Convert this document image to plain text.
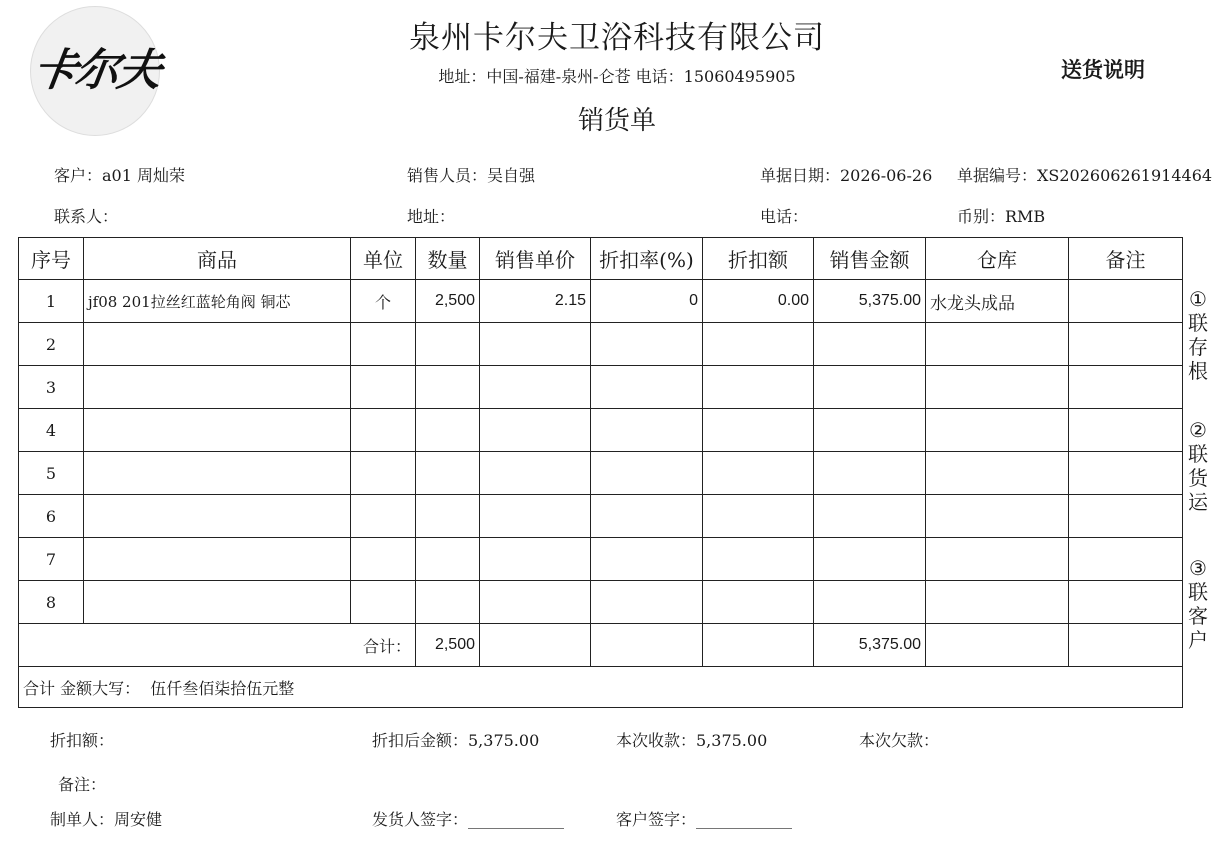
卡尔夫
泉州卡尔夫卫浴科技有限公司
地址：中国-福建-泉州-仑苍 电话：15060495905
销货单
送货说明
客户：a01 周灿荣	销售人员：吴自强	单据日期：2026-06-26 单据编号：XS202606261914464
联系人：	地址：	电话：	币别：RMB
序号	商品	单位	数量	销售单价	折扣率(%)	折扣额	销售金额	仓库	备注
1	jf08 201拉丝红蓝轮角阀 铜芯	个	2,500	2.15	0	0.00	5,375.00	水龙头成品	
2									
3									
4									
5									
6									
7									
8									
合计：			2,500				5,375.00		
合计 金额大写： 伍仟叁佰柒拾伍元整									
①
联
存
根
②
联
货
运
③
联
客
户
折扣额：	折扣后金额：5,375.00	本次收款：5,375.00	本次欠款：
备注：
制单人：周安健	发货人签字：____________	客户签字：____________
